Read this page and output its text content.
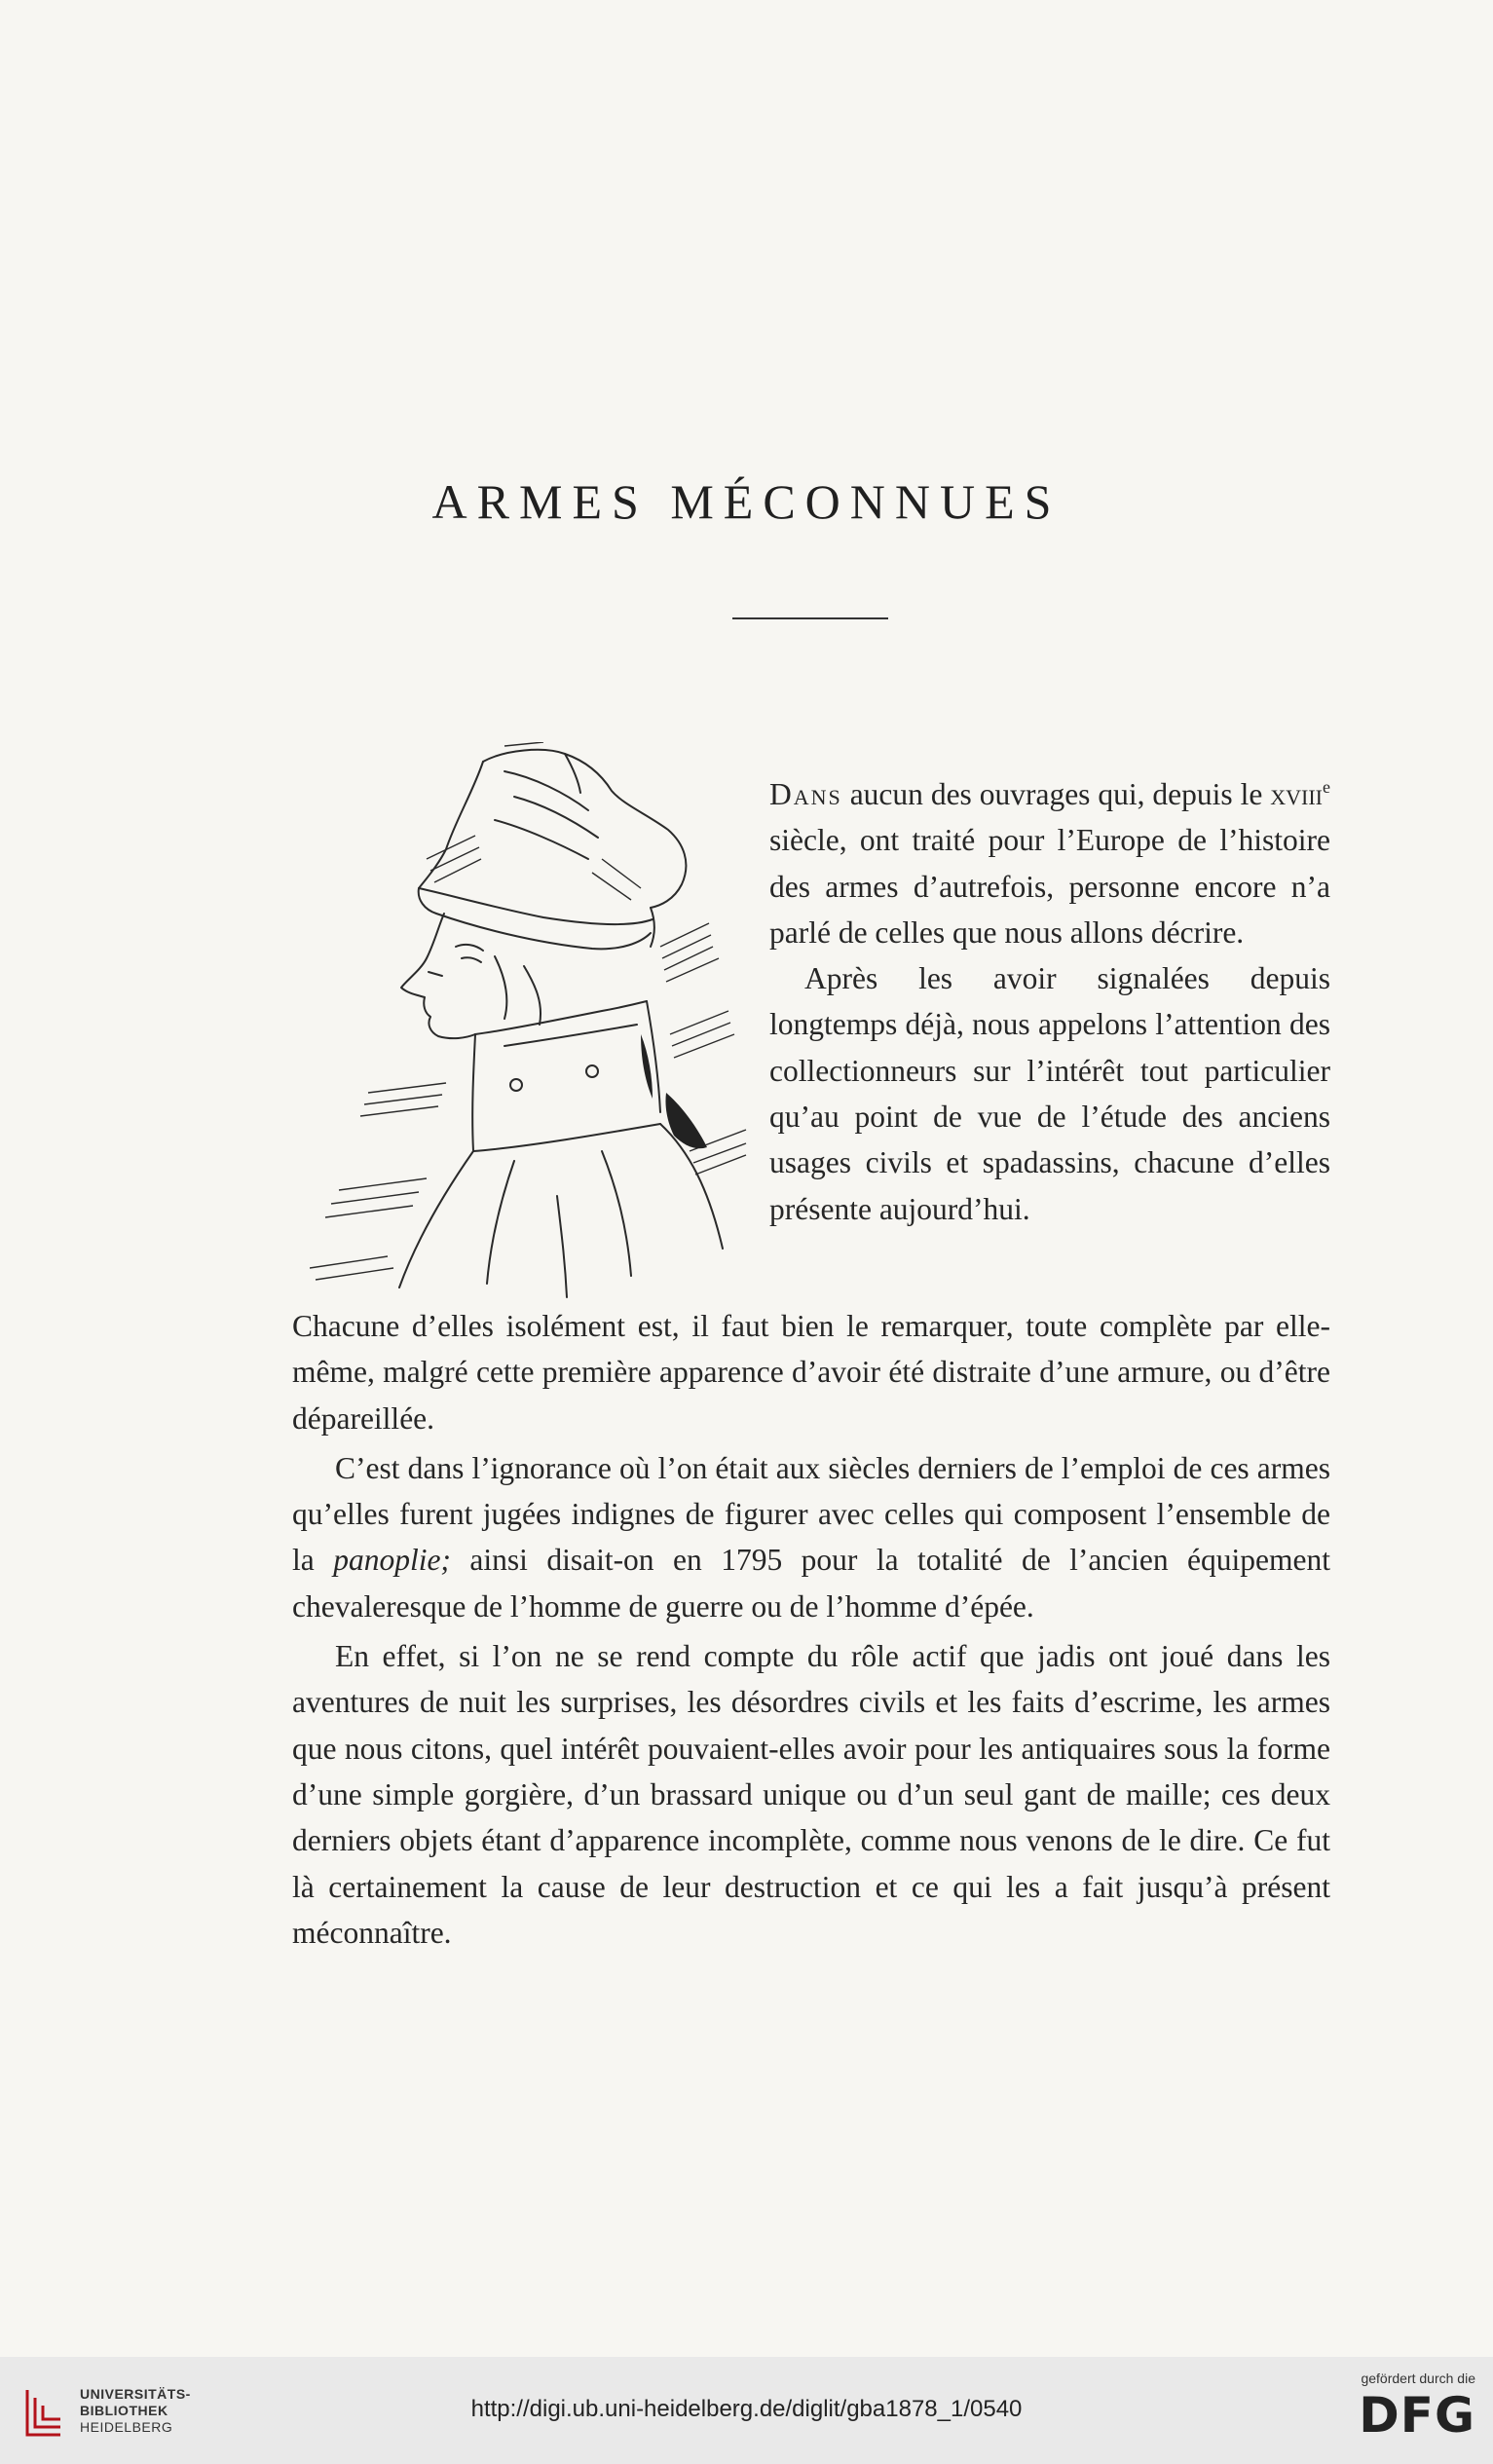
ARMES MÉCONNUES

Dans aucun des ouvrages qui, depuis le xviii$^e$ siècle, ont traité pour l’Europe de l’histoire des armes d’autrefois, personne encore n’a parlé de celles que nous allons décrire.

Après les avoir signalées depuis longtemps déjà, nous appelons l’attention des collectionneurs sur l’intérêt tout particulier qu’au point de vue de l’étude des anciens usages civils et spadassins, chacune d’elles présente aujourd’hui.

Chacune d’elles isolément est, il faut bien le remarquer, toute complète par elle-même, malgré cette première apparence d’avoir été distraite d’une armure, ou d’être dépareillée.

C’est dans l’ignorance où l’on était aux siècles derniers de l’emploi de ces armes qu’elles furent jugées indignes de figurer avec celles qui composent l’ensemble de la panoplie; ainsi disait-on en 1795 pour la totalité de l’ancien équipement chevaleresque de l’homme de guerre ou de l’homme d’épée.

En effet, si l’on ne se rend compte du rôle actif que jadis ont joué dans les aventures de nuit les surprises, les désordres civils et les faits d’escrime, les armes que nous citons, quel intérêt pouvaient-elles avoir pour les antiquaires sous la forme d’une simple gorgière, d’un brassard unique ou d’un seul gant de maille; ces deux derniers objets étant d’apparence incomplète, comme nous venons de le dire. Ce fut là certainement la cause de leur destruction et ce qui les a fait jusqu’à présent méconnaître.

UNIVERSITÄTS-
BIBLIOTHEK
HEIDELBERG
http://digi.ub.uni-heidelberg.de/diglit/gba1878_1/0540
gefördert durch die
DFG
